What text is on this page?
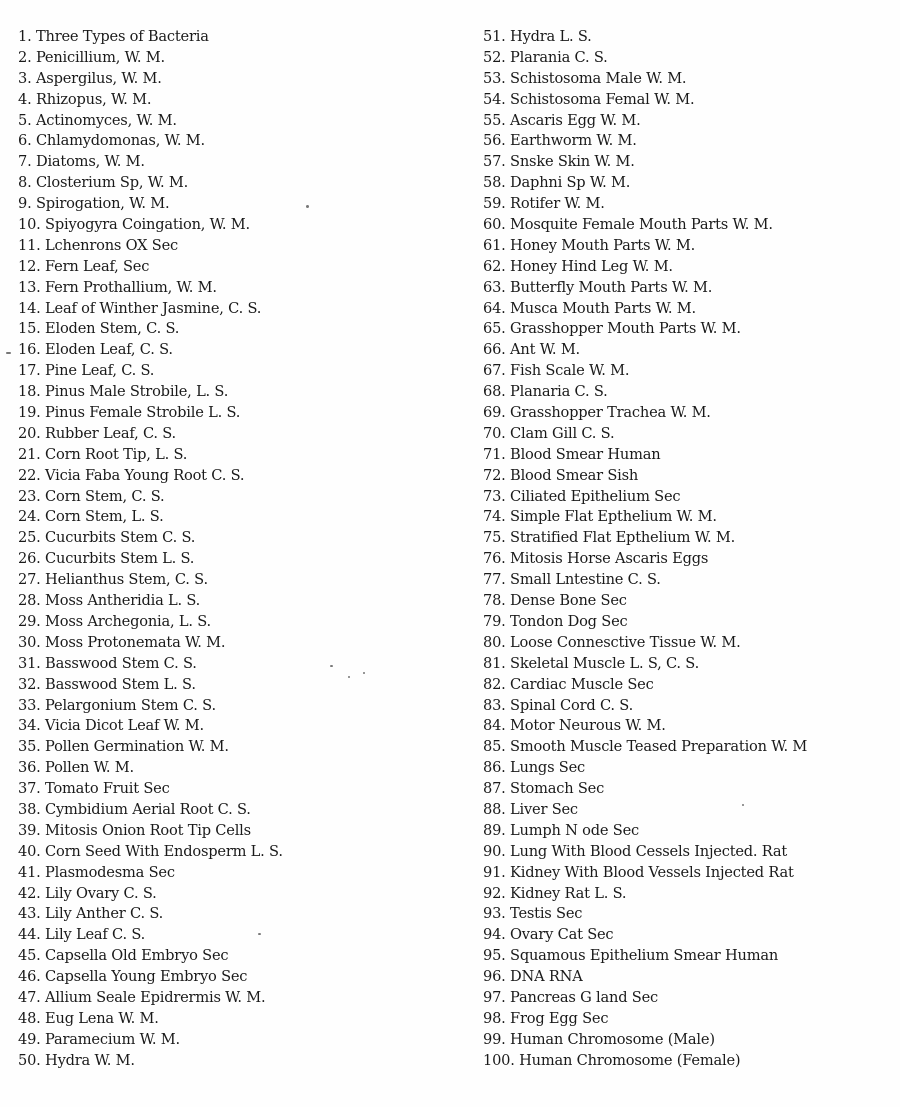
1. Three Types of Bacteria
2. Penicillium, W. M.
3. Aspergilus, W. M.
4. Rhizopus, W. M.
5. Actinomyces, W. M.
6. Chlamydomonas, W. M.
7. Diatoms, W. M.
8. Closterium Sp, W. M.
9. Spirogation, W. M.
10. Spiyogyra Coingation, W. M.
11. Lchenrons OX Sec
12. Fern Leaf, Sec
13. Fern Prothallium, W. M.
14. Leaf of Winther Jasmine, C. S.
15. Eloden Stem, C. S.
16. Eloden Leaf, C. S.
17. Pine Leaf, C. S.
18. Pinus Male Strobile, L. S.
19. Pinus Female Strobile L. S.
20. Rubber Leaf, C. S.
21. Corn Root Tip, L. S.
22. Vicia Faba Young Root C. S.
23. Corn Stem, C. S.
24. Corn Stem, L. S.
25. Cucurbits Stem C. S.
26. Cucurbits Stem L. S.
27. Helianthus Stem, C. S.
28. Moss Antheridia L. S.
29. Moss Archegonia, L. S.
30. Moss Protonemata W. M.
31. Basswood Stem C. S.
32. Basswood Stem L. S.
33. Pelargonium Stem C. S.
34. Vicia Dicot Leaf W. M.
35. Pollen Germination W. M.
36. Pollen W. M.
37. Tomato Fruit Sec
38. Cymbidium Aerial Root C. S.
39. Mitosis Onion Root Tip Cells
40. Corn Seed With Endosperm L. S.
41. Plasmodesma Sec
42. Lily Ovary C. S.
43. Lily Anther C. S.
44. Lily Leaf C. S.
45. Capsella Old Embryo Sec
46. Capsella Young Embryo Sec
47. Allium Seale Epidrermis W. M.
48. Eug Lena W. M.
49. Paramecium W. M.
50. Hydra W. M.
51. Hydra L. S.
52. Plarania C. S.
53. Schistosoma Male W. M.
54. Schistosoma Femal W. M.
55. Ascaris Egg W. M.
56. Earthworm W. M.
57. Snske Skin W. M.
58. Daphni Sp W. M.
59. Rotifer W. M.
60. Mosquite Female Mouth Parts W. M.
61. Honey Mouth Parts W. M.
62. Honey Hind Leg W. M.
63. Butterfly Mouth Parts W. M.
64. Musca Mouth Parts W. M.
65. Grasshopper Mouth Parts W. M.
66. Ant W. M.
67. Fish Scale W. M.
68. Planaria C. S.
69. Grasshopper Trachea W. M.
70. Clam Gill C. S.
71. Blood Smear Human
72. Blood Smear Sish
73. Ciliated Epithelium Sec
74. Simple Flat Epthelium W. M.
75. Stratified Flat Epthelium W. M.
76. Mitosis Horse Ascaris Eggs
77. Small Lntestine C. S.
78. Dense Bone Sec
79. Tondon Dog Sec
80. Loose Connesctive Tissue W. M.
81. Skeletal Muscle L. S, C. S.
82. Cardiac Muscle Sec
83. Spinal Cord C. S.
84. Motor Neurous W. M.
85. Smooth Muscle Teased Preparation W. M
86. Lungs Sec
87. Stomach Sec
88. Liver Sec
89. Lumph N ode Sec
90. Lung With Blood Cessels Injected. Rat
91. Kidney With Blood Vessels Injected Rat
92. Kidney Rat L. S.
93. Testis Sec
94. Ovary Cat Sec
95. Squamous Epithelium Smear Human
96. DNA RNA
97. Pancreas G land Sec
98. Frog Egg Sec
99. Human Chromosome (Male)
100. Human Chromosome (Female)
